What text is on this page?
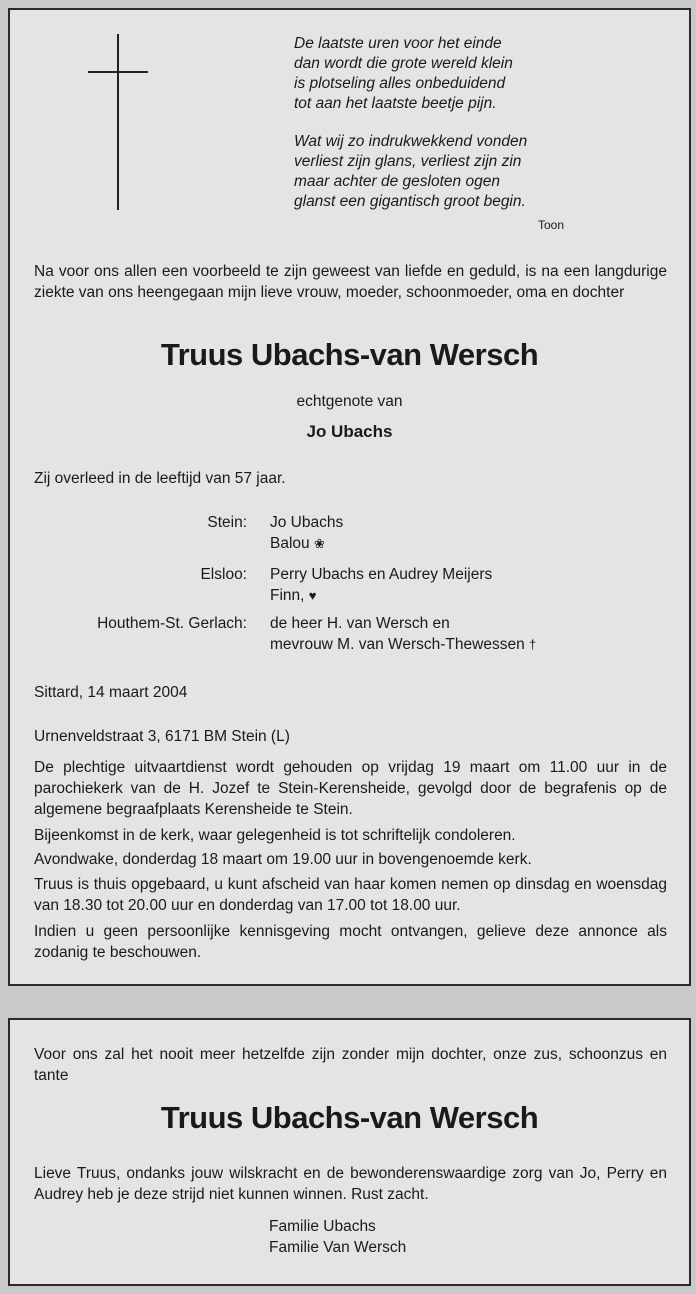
De laatste uren voor het einde
dan wordt die grote wereld klein
is plotseling alles onbeduidend
tot aan het laatste beetje pijn.
Wat wij zo indrukwekkend vonden
verliest zijn glans, verliest zijn zin
maar achter de gesloten ogen
glanst een gigantisch groot begin.
Toon
Na voor ons allen een voorbeeld te zijn geweest van liefde en geduld, is na een langdurige ziekte van ons heengegaan mijn lieve vrouw, moeder, schoonmoeder, oma en dochter
Truus Ubachs-van Wersch
echtgenote van
Jo Ubachs
Zij overleed in de leeftijd van 57 jaar.
Stein: Jo Ubachs
Balou ❀
Elsloo: Perry Ubachs en Audrey Meijers
Finn, ♥
Houthem-St. Gerlach: de heer H. van Wersch en
mevrouw M. van Wersch-Thewessen †
Sittard, 14 maart 2004
Urnenveldstraat 3, 6171 BM Stein (L)
De plechtige uitvaartdienst wordt gehouden op vrijdag 19 maart om 11.00 uur in de parochiekerk van de H. Jozef te Stein-Kerensheide, gevolgd door de begrafenis op de algemene begraafplaats Kerensheide te Stein.
Bijeenkomst in de kerk, waar gelegenheid is tot schriftelijk condoleren.
Avondwake, donderdag 18 maart om 19.00 uur in bovengenoemde kerk.
Truus is thuis opgebaard, u kunt afscheid van haar komen nemen op dinsdag en woensdag van 18.30 tot 20.00 uur en donderdag van 17.00 tot 18.00 uur.
Indien u geen persoonlijke kennisgeving mocht ontvangen, gelieve deze annonce als zodanig te beschouwen.
Voor ons zal het nooit meer hetzelfde zijn zonder mijn dochter, onze zus, schoonzus en tante
Truus Ubachs-van Wersch
Lieve Truus, ondanks jouw wilskracht en de bewonderenswaardige zorg van Jo, Perry en Audrey heb je deze strijd niet kunnen winnen. Rust zacht.
Familie Ubachs
Familie Van Wersch
